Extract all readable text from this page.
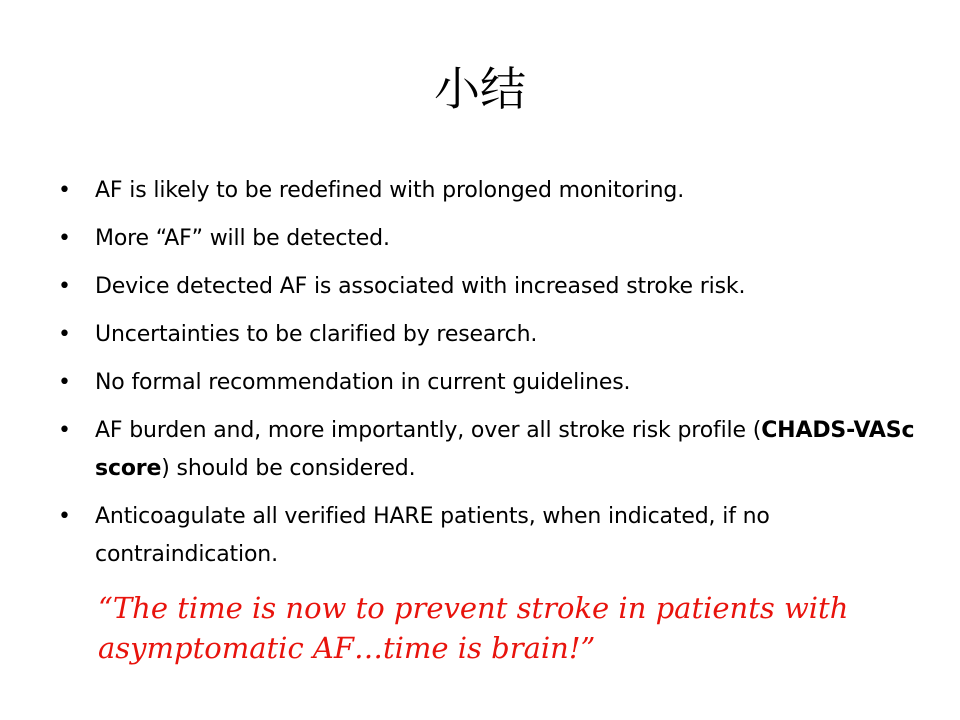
小结
• AF is likely to be redefined with prolonged monitoring.
• More “AF” will be detected.
• Device detected AF is associated with increased stroke risk.
• Uncertainties to be clarified by research.
• No formal recommendation in current guidelines.
• AF burden and, more importantly, over all stroke risk profile (CHADS-VASc score) should be considered.
• Anticoagulate all verified HARE patients, when indicated, if no contraindication.
“The time is now to prevent stroke in patients with asymptomatic AF…time is brain!”
